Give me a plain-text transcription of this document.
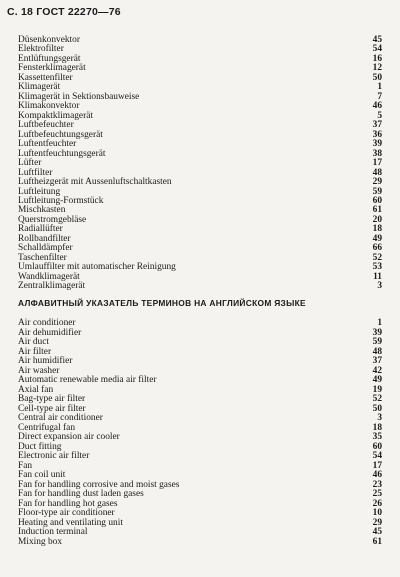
С. 18 ГОСТ 22270—76
Düsenkonvektor	45
Elektrofilter	54
Entlüftungsgerät	16
Fensterklimagerät	12
Kassettenfilter	50
Klimagerät	1
Klimagerät in Sektionsbauweise	7
Klimakonvektor	46
Kompaktklimagerät	5
Luftbefeuchter	37
Luftbefeuchtungsgerät	36
Luftentfeuchter	39
Luftentfeuchtungsgerät	38
Lüfter	17
Luftfilter	48
Luftheizgerät mit Aussenluftschaltkasten	29
Luftleitung	59
Luftleitung-Formstück	60
Mischkasten	61
Querstromgebläse	20
Radiallüfter	18
Rollbandfilter	49
Schalldämpfer	66
Taschenfilter	52
Umlauffilter mit automatischer Reinigung	53
Wandklimagerät	11
Zentralklimagerät	3
АЛФАВИТНЫЙ УКАЗАТЕЛЬ ТЕРМИНОВ НА АНГЛИЙСКОМ ЯЗЫКЕ
Air conditioner	1
Air dehumidifier	39
Air duct	59
Air filter	48
Air humidifier	37
Air washer	42
Automatic renewable media air filter	49
Axial fan	19
Bag-type air filter	52
Cell-type air filter	50
Central air conditioner	3
Centrifugal fan	18
Direct expansion air cooler	35
Duct fitting	60
Electronic air filter	54
Fan	17
Fan coil unit	46
Fan for handling corrosive and moist gases	23
Fan for handling dust laden gases	25
Fan for handling hot gases	26
Floor-type air conditioner	10
Heating and ventilating unit	29
Induction terminal	45
Mixing box	61
